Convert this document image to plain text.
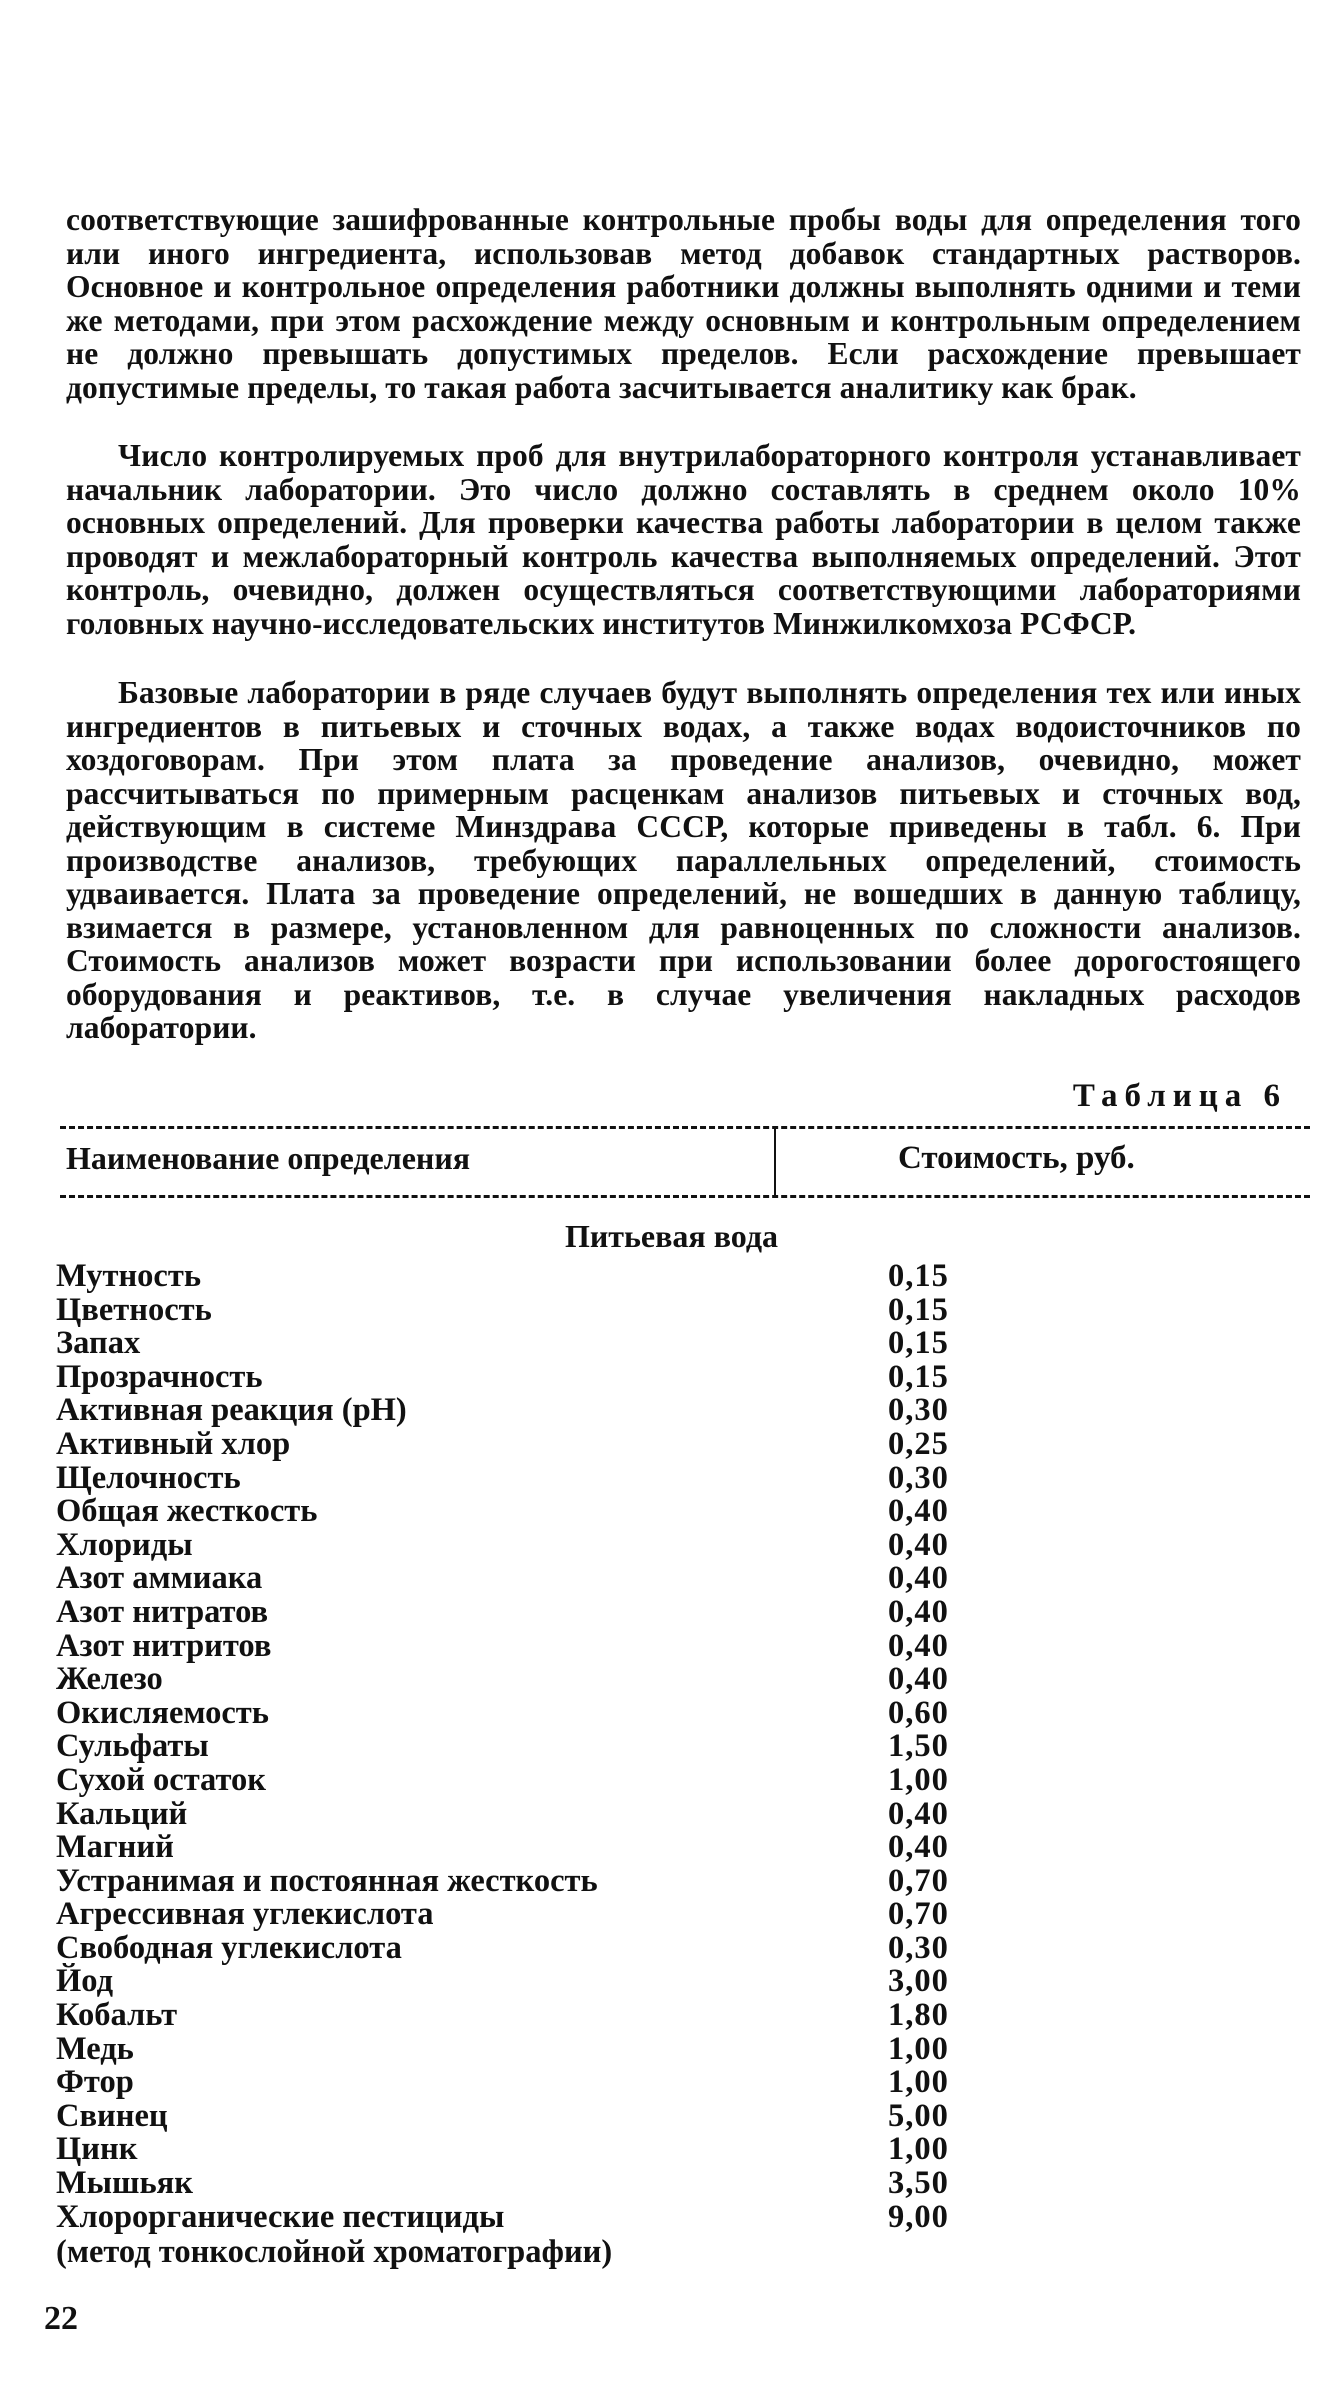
соответствующие зашифрованные контрольные пробы воды для определения того или иного ингредиента, использовав метод добавок стандартных растворов. Основное и контрольное определения работники должны выполнять одними и теми же методами, при этом расхождение между основным и контрольным определением не должно превышать допустимых пределов. Если расхождение превышает допустимые пределы, то такая работа засчитывается аналитику как брак.

Число контролируемых проб для внутрилабораторного контроля устанавливает начальник лаборатории. Это число должно составлять в среднем около 10% основных определений. Для проверки качества работы лаборатории в целом также проводят и межлабораторный контроль качества выполняемых определений. Этот контроль, очевидно, должен осуществляться соответствующими лабораториями головных научно-исследовательских институтов Минжилкомхоза РСФСР.

Базовые лаборатории в ряде случаев будут выполнять определения тех или иных ингредиентов в питьевых и сточных водах, а также водах водоисточников по хоздоговорам. При этом плата за проведение анализов, очевидно, может рассчитываться по примерным расценкам анализов питьевых и сточных вод, действующим в системе Минздрава СССР, которые приведены в табл. 6. При производстве анализов, требующих параллельных определений, стоимость удваивается. Плата за проведение определений, не вошедших в данную таблицу, взимается в размере, установленном для равноценных по сложности анализов. Стоимость анализов может возрасти при использовании более дорогостоящего оборудования и реактивов, т.е. в случае увеличения накладных расходов лаборатории.

Таблица 6
Наименование определения	Стоимость, руб.
Питьевая вода
Мутность	0,15
Цветность	0,15
Запах	0,15
Прозрачность	0,15
Активная реакция (рН)	0,30
Активный хлор	0,25
Щелочность	0,30
Общая жесткость	0,40
Хлориды	0,40
Азот аммиака	0,40
Азот нитратов	0,40
Азот нитритов	0,40
Железо	0,40
Окисляемость	0,60
Сульфаты	1,50
Сухой остаток	1,00
Кальций	0,40
Магний	0,40
Устранимая и постоянная жесткость	0,70
Агрессивная углекислота	0,70
Свободная углекислота	0,30
Йод	3,00
Кобальт	1,80
Медь	1,00
Фтор	1,00
Свинец	5,00
Цинк	1,00
Мышьяк	3,50
Хлорорганические пестициды	9,00
(метод тонкослойной хроматографии)
22
